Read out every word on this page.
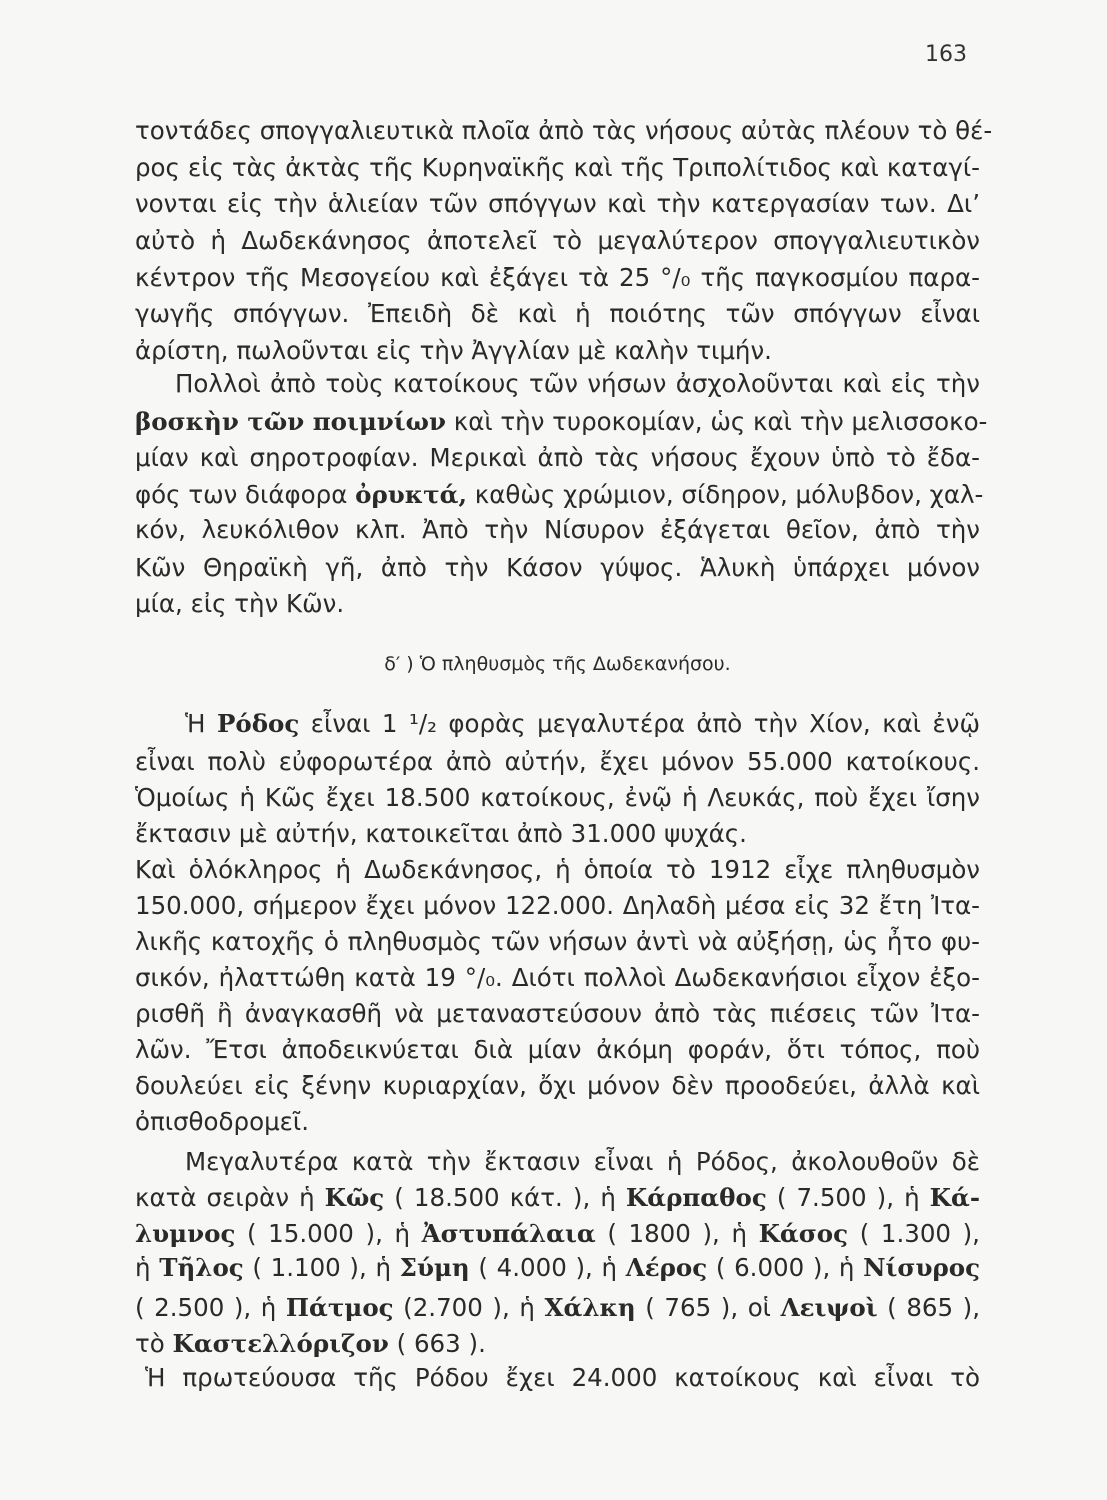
163
τοντάδες σπογγαλιευτικὰ πλοῖα ἀπὸ τὰς νήσους αὐτὰς πλέουν τὸ θέ-
ρος εἰς τὰς ἀκτὰς τῆς Κυρηναϊκῆς καὶ τῆς Τριπολίτιδος καὶ καταγί-
νονται εἰς τὴν ἁλιείαν τῶν σπόγγων καὶ τὴν κατεργασίαν των. Δι’
αὐτὸ ἡ Δωδεκάνησος ἀποτελεῖ τὸ μεγαλύτερον σπογγαλιευτικὸν
κέντρον τῆς Μεσογείου καὶ ἐξάγει τὰ 25 °/₀ τῆς παγκοσμίου παρα-
γωγῆς σπόγγων. Ἐπειδὴ δὲ καὶ ἡ ποιότης τῶν σπόγγων εἶναι
ἀρίστη, πωλοῦνται εἰς τὴν Ἀγγλίαν μὲ καλὴν τιμήν.
Πολλοὶ ἀπὸ τοὺς κατοίκους τῶν νήσων ἀσχολοῦνται καὶ εἰς τὴν
βοσκὴν τῶν ποιμνίων καὶ τὴν τυροκομίαν, ὡς καὶ τὴν μελισσοκο-
μίαν καὶ σηροτροφίαν. Μερικαὶ ἀπὸ τὰς νήσους ἔχουν ὑπὸ τὸ ἔδα-
φός των διάφορα ὀρυκτά, καθὼς χρώμιον, σίδηρον, μόλυβδον, χαλ-
κόν, λευκόλιθον κλπ. Ἀπὸ τὴν Νίσυρον ἐξάγεται θεῖον, ἀπὸ τὴν
Κῶν Θηραϊκὴ γῆ, ἀπὸ τὴν Κάσον γύψος. Ἁλυκὴ ὑπάρχει μόνον
μία, εἰς τὴν Κῶν.
δ′ ) Ὁ πληθυσμὸς τῆς Δωδεκανήσου.
Ἡ Ρόδος εἶναι 1 ¹/₂ φορὰς μεγαλυτέρα ἀπὸ τὴν Χίον, καὶ ἐνῷ
εἶναι πολὺ εὐφορωτέρα ἀπὸ αὐτήν, ἔχει μόνον 55.000 κατοίκους.
Ὁμοίως ἡ Κῶς ἔχει 18.500 κατοίκους, ἐνῷ ἡ Λευκάς, ποὺ ἔχει ἴσην
ἔκτασιν μὲ αὐτήν, κατοικεῖται ἀπὸ 31.000 ψυχάς.
Καὶ ὁλόκληρος ἡ Δωδεκάνησος, ἡ ὁποία τὸ 1912 εἶχε πληθυσμὸν
150.000, σήμερον ἔχει μόνον 122.000. Δηλαδὴ μέσα εἰς 32 ἔτη Ἰτα-
λικῆς κατοχῆς ὁ πληθυσμὸς τῶν νήσων ἀντὶ νὰ αὐξήσῃ, ὡς ἦτο φυ-
σικόν, ἠλαττώθη κατὰ 19 °/₀. Διότι πολλοὶ Δωδεκανήσιοι εἶχον ἐξο-
ρισθῆ ἢ ἀναγκασθῆ νὰ μεταναστεύσουν ἀπὸ τὰς πιέσεις τῶν Ἰτα-
λῶν. Ἔτσι ἀποδεικνύεται διὰ μίαν ἀκόμη φοράν, ὅτι τόπος, ποὺ
δουλεύει εἰς ξένην κυριαρχίαν, ὄχι μόνον δὲν προοδεύει, ἀλλὰ καὶ
ὀπισθοδρομεῖ.
Μεγαλυτέρα κατὰ τὴν ἔκτασιν εἶναι ἡ Ρόδος, ἀκολουθοῦν δὲ
κατὰ σειρὰν ἡ Κῶς ( 18.500 κάτ. ), ἡ Κάρπαθος ( 7.500 ), ἡ Κά-
λυμνος ( 15.000 ), ἡ Ἀστυπάλαια ( 1800 ), ἡ Κάσος ( 1.300 ),
ἡ Τῆλος ( 1.100 ), ἡ Σύμη ( 4.000 ), ἡ Λέρος ( 6.000 ), ἡ Νίσυρος
( 2.500 ), ἡ Πάτμος (2.700 ), ἡ Χάλκη ( 765 ), οἱ Λειψοὶ ( 865 ),
τὸ Καστελλόριζον ( 663 ).
Ἡ πρωτεύουσα τῆς Ρόδου ἔχει 24.000 κατοίκους καὶ εἶναι τὸ
